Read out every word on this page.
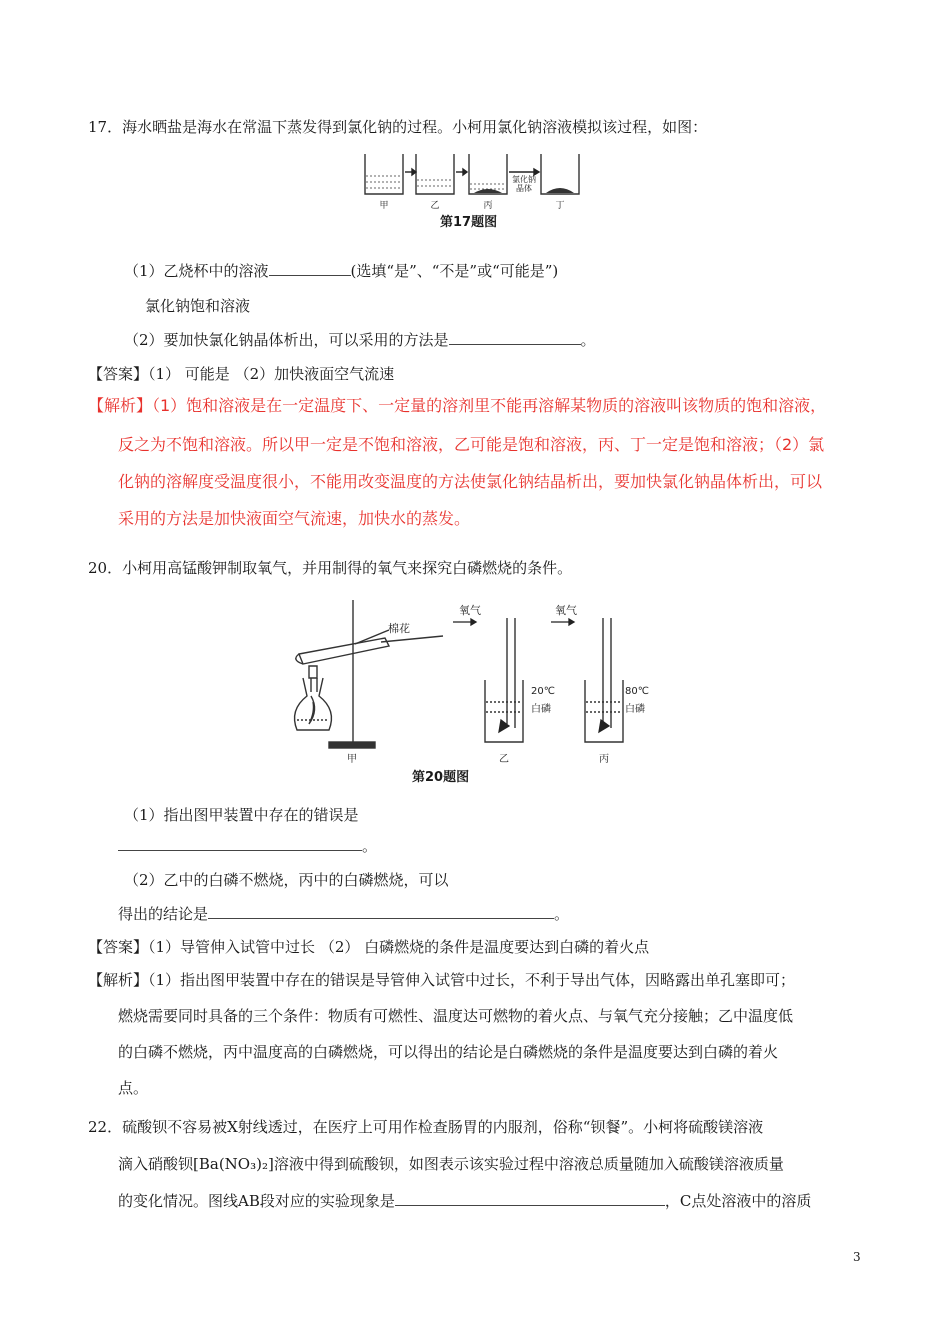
17．海水晒盐是海水在常温下蒸发得到氯化钠的过程。小柯用氯化钠溶液模拟该过程，如图：
氯化钠
晶体
甲	乙	丙	丁
第17题图
（1）乙烧杯中的溶液	(选填“是”、“不是”或“可能是”)
氯化钠饱和溶液
（2）要加快氯化钠晶体析出，可以采用的方法是	。
【答案】（1） 可能是 （2）加快液面空气流速
【解析】（1）饱和溶液是在一定温度下、一定量的溶剂里不能再溶解某物质的溶液叫该物质的饱和溶液，
反之为不饱和溶液。所以甲一定是不饱和溶液，乙可能是饱和溶液，丙、丁一定是饱和溶液；（2）氯
化钠的溶解度受温度很小，不能用改变温度的方法使氯化钠结晶析出，要加快氯化钠晶体析出，可以
采用的方法是加快液面空气流速，加快水的蒸发。
20．小柯用高锰酸钾制取氧气，并用制得的氧气来探究白磷燃烧的条件。
棉花
氧气	氧气
20℃
白磷
80℃
白磷
甲	乙	丙
第20题图
（1）指出图甲装置中存在的错误是
。
（2）乙中的白磷不燃烧，丙中的白磷燃烧，可以
得出的结论是	。
【答案】（1）导管伸入试管中过长 （2） 白磷燃烧的条件是温度要达到白磷的着火点
【解析】（1）指出图甲装置中存在的错误是导管伸入试管中过长，不利于导出气体，因略露出单孔塞即可；
燃烧需要同时具备的三个条件：物质有可燃性、温度达可燃物的着火点、与氧气充分接触；乙中温度低
的白磷不燃烧，丙中温度高的白磷燃烧，可以得出的结论是白磷燃烧的条件是温度要达到白磷的着火
点。
22．硫酸钡不容易被X射线透过，在医疗上可用作检查肠胃的内服剂，俗称“钡餐”。小柯将硫酸镁溶液
滴入硝酸钡[Ba(NO₃)₂]溶液中得到硫酸钡，如图表示该实验过程中溶液总质量随加入硫酸镁溶液质量
的变化情况。图线AB段对应的实验现象是	，C点处溶液中的溶质
3
